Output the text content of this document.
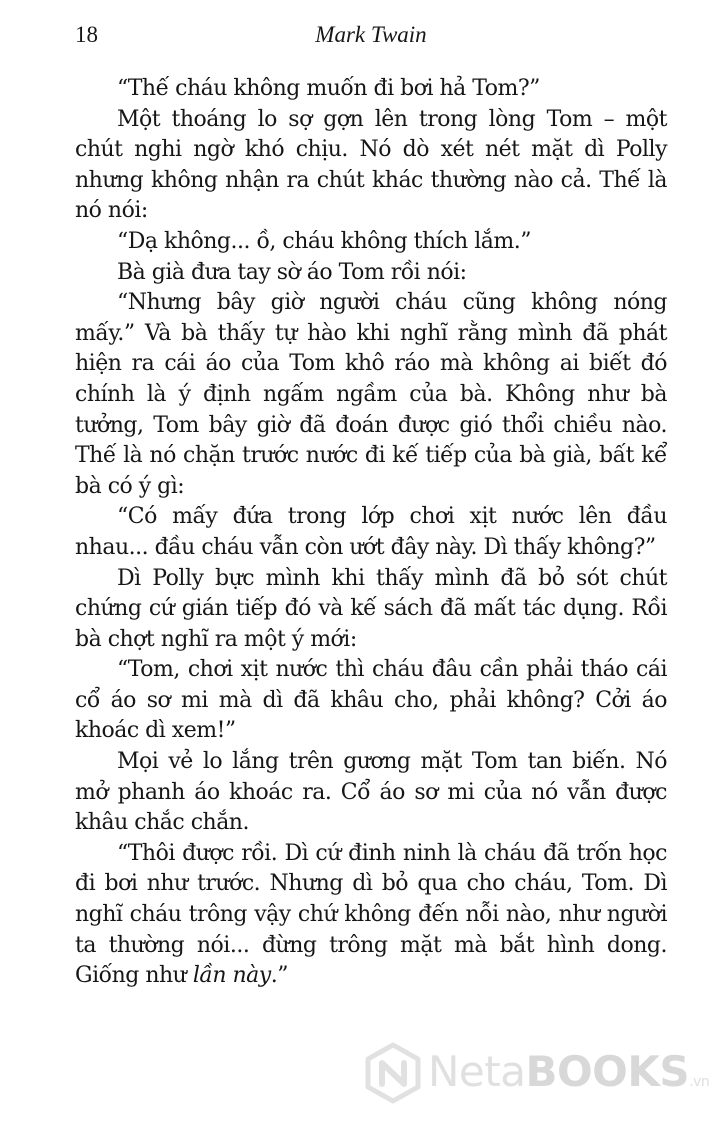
18	Mark Twain

“Thế cháu không muốn đi bơi hả Tom?”

Một thoáng lo sợ gợn lên trong lòng Tom – một chút nghi ngờ khó chịu. Nó dò xét nét mặt dì Polly nhưng không nhận ra chút khác thường nào cả. Thế là nó nói:

“Dạ không... ồ, cháu không thích lắm.”

Bà già đưa tay sờ áo Tom rồi nói:

“Nhưng bây giờ người cháu cũng không nóng mấy.” Và bà thấy tự hào khi nghĩ rằng mình đã phát hiện ra cái áo của Tom khô ráo mà không ai biết đó chính là ý định ngấm ngầm của bà. Không như bà tưởng, Tom bây giờ đã đoán được gió thổi chiều nào. Thế là nó chặn trước nước đi kế tiếp của bà già, bất kể bà có ý gì:

“Có mấy đứa trong lớp chơi xịt nước lên đầu nhau... đầu cháu vẫn còn ướt đây này. Dì thấy không?”

Dì Polly bực mình khi thấy mình đã bỏ sót chút chứng cứ gián tiếp đó và kế sách đã mất tác dụng. Rồi bà chợt nghĩ ra một ý mới:

“Tom, chơi xịt nước thì cháu đâu cần phải tháo cái cổ áo sơ mi mà dì đã khâu cho, phải không? Cởi áo khoác dì xem!”

Mọi vẻ lo lắng trên gương mặt Tom tan biến. Nó mở phanh áo khoác ra. Cổ áo sơ mi của nó vẫn được khâu chắc chắn.

“Thôi được rồi. Dì cứ đinh ninh là cháu đã trốn học đi bơi như trước. Nhưng dì bỏ qua cho cháu, Tom. Dì nghĩ cháu trông vậy chứ không đến nỗi nào, như người ta thường nói... đừng trông mặt mà bắt hình dong. Giống như lần này.”

NetaBOOKS.vn
